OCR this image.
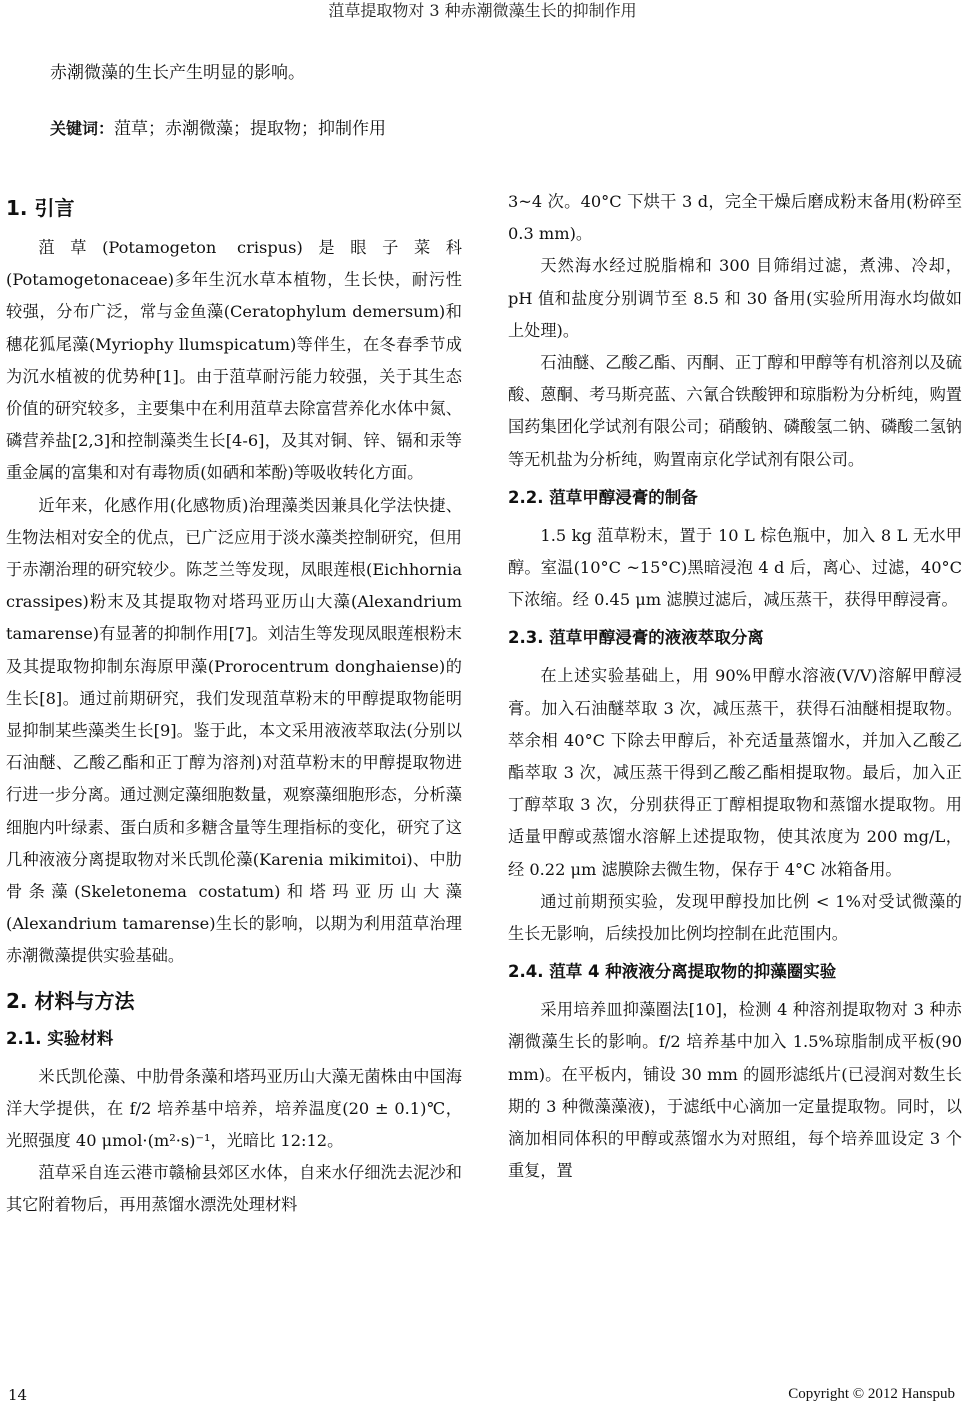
菹草提取物对 3 种赤潮微藻生长的抑制作用
赤潮微藻的生长产生明显的影响。
关键词：菹草；赤潮微藻；提取物；抑制作用
1. 引言

菹草(Potamogeton crispus)是眼子菜科(Potamogetonaceae)多年生沉水草本植物，生长快，耐污性较强，分布广泛，常与金鱼藻(Ceratophylum demersum)和穗花狐尾藻(Myriophy llumspicatum)等伴生，在冬春季节成为沉水植被的优势种[1]。由于菹草耐污能力较强，关于其生态价值的研究较多，主要集中在利用菹草去除富营养化水体中氮、磷营养盐[2,3]和控制藻类生长[4-6]，及其对铜、锌、镉和汞等重金属的富集和对有毒物质(如硒和苯酚)等吸收转化方面。

近年来，化感作用(化感物质)治理藻类因兼具化学法快捷、生物法相对安全的优点，已广泛应用于淡水藻类控制研究，但用于赤潮治理的研究较少。陈芝兰等发现，凤眼莲根(Eichhornia crassipes)粉末及其提取物对塔玛亚历山大藻(Alexandrium tamarense)有显著的抑制作用[7]。刘洁生等发现凤眼莲根粉末及其提取物抑制东海原甲藻(Prorocentrum donghaiense)的生长[8]。通过前期研究，我们发现菹草粉末的甲醇提取物能明显抑制某些藻类生长[9]。鉴于此，本文采用液液萃取法(分别以石油醚、乙酸乙酯和正丁醇为溶剂)对菹草粉末的甲醇提取物进行进一步分离。通过测定藻细胞数量，观察藻细胞形态，分析藻细胞内叶绿素、蛋白质和多糖含量等生理指标的变化，研究了这几种液液分离提取物对米氏凯伦藻(Karenia mikimitoi)、中肋骨条藻(Skeletonema costatum)和塔玛亚历山大藻(Alexandrium tamarense)生长的影响，以期为利用菹草治理赤潮微藻提供实验基础。

2. 材料与方法
2.1. 实验材料

米氏凯伦藻、中肋骨条藻和塔玛亚历山大藻无菌株由中国海洋大学提供，在 f/2 培养基中培养，培养温度(20 ± 0.1)℃，光照强度 40 μmol·(m²·s)⁻¹，光暗比 12:12。

菹草采自连云港市赣榆县郊区水体，自来水仔细洗去泥沙和其它附着物后，再用蒸馏水漂洗处理材料

3~4 次。40°C 下烘干 3 d，完全干燥后磨成粉末备用(粉碎至 0.3 mm)。

天然海水经过脱脂棉和 300 目筛绢过滤，煮沸、冷却，pH 值和盐度分别调节至 8.5 和 30 备用(实验所用海水均做如上处理)。

石油醚、乙酸乙酯、丙酮、正丁醇和甲醇等有机溶剂以及硫酸、蒽酮、考马斯亮蓝、六氰合铁酸钾和琼脂粉为分析纯，购置国药集团化学试剂有限公司；硝酸钠、磷酸氢二钠、磷酸二氢钠等无机盐为分析纯，购置南京化学试剂有限公司。

2.2. 菹草甲醇浸膏的制备

1.5 kg 菹草粉末，置于 10 L 棕色瓶中，加入 8 L 无水甲醇。室温(10°C ~15°C)黑暗浸泡 4 d 后，离心、过滤，40°C 下浓缩。经 0.45 μm 滤膜过滤后，减压蒸干，获得甲醇浸膏。

2.3. 菹草甲醇浸膏的液液萃取分离

在上述实验基础上，用 90%甲醇水溶液(V/V)溶解甲醇浸膏。加入石油醚萃取 3 次，减压蒸干，获得石油醚相提取物。萃余相 40°C 下除去甲醇后，补充适量蒸馏水，并加入乙酸乙酯萃取 3 次，减压蒸干得到乙酸乙酯相提取物。最后，加入正丁醇萃取 3 次，分别获得正丁醇相提取物和蒸馏水提取物。用适量甲醇或蒸馏水溶解上述提取物，使其浓度为 200 mg/L，经 0.22 μm 滤膜除去微生物，保存于 4°C 冰箱备用。

通过前期预实验，发现甲醇投加比例 < 1%对受试微藻的生长无影响，后续投加比例均控制在此范围内。

2.4. 菹草 4 种液液分离提取物的抑藻圈实验

采用培养皿抑藻圈法[10]，检测 4 种溶剂提取物对 3 种赤潮微藻生长的影响。f/2 培养基中加入 1.5%琼脂制成平板(90 mm)。在平板内，铺设 30 mm 的圆形滤纸片(已浸润对数生长期的 3 种微藻藻液)，于滤纸中心滴加一定量提取物。同时，以滴加相同体积的甲醇或蒸馏水为对照组，每个培养皿设定 3 个重复，置

14	Copyright © 2012 Hanspub
